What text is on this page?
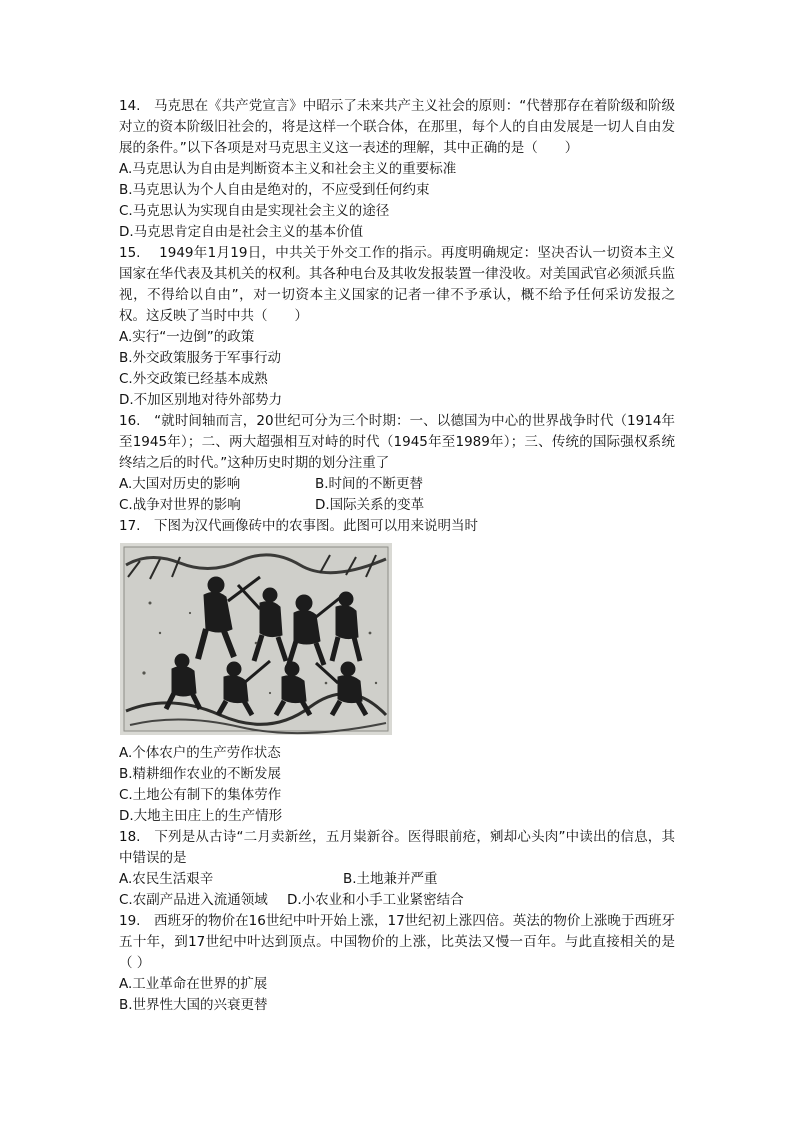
14.　马克思在《共产党宣言》中昭示了未来共产主义社会的原则：“代替那存在着阶级和阶级对立的资本阶级旧社会的，将是这样一个联合体，在那里，每个人的自由发展是一切人自由发展的条件。”以下各项是对马克思主义这一表述的理解，其中正确的是（　　）

A.马克思认为自由是判断资本主义和社会主义的重要标准

B.马克思认为个人自由是绝对的，不应受到任何约束

C.马克思认为实现自由是实现社会主义的途径

D.马克思肯定自由是社会主义的基本价值

15.　 1949年1月19日，中共关于外交工作的指示。再度明确规定：坚决否认一切资本主义国家在华代表及其机关的权利。其各种电台及其收发报装置一律没收。对美国武官必须派兵监视，不得给以自由”，对一切资本主义国家的记者一律不予承认，概不给予任何采访发报之权。这反映了当时中共（　　）

A.实行“一边倒”的政策

B.外交政策服务于军事行动

C.外交政策已经基本成熟

D.不加区别地对待外部势力

16.　“就时间轴而言，20世纪可分为三个时期：一、以德国为中心的世界战争时代（1914年至1945年）；二、两大超强相互对峙的时代（1945年至1989年）；三、传统的国际强权系统终结之后的时代。”这种历史时期的划分注重了

A.大国对历史的影响	B.时间的不断更替
C.战争对世界的影响	D.国际关系的变革

17.　下图为汉代画像砖中的农事图。此图可以用来说明当时

A.个体农户的生产劳作状态

B.精耕细作农业的不断发展

C.土地公有制下的集体劳作

D.大地主田庄上的生产情形

18.　下列是从古诗“二月卖新丝，五月粜新谷。医得眼前疮，剜却心头肉”中读出的信息，其中错误的是

A.农民生活艰辛	B.土地兼并严重
C.农副产品进入流通领域	D.小农业和小手工业紧密结合

19.　西班牙的物价在16世纪中叶开始上涨，17世纪初上涨四倍。英法的物价上涨晚于西班牙五十年，到17世纪中叶达到顶点。中国物价的上涨，比英法又慢一百年。与此直接相关的是（ ）

A.工业革命在世界的扩展

B.世界性大国的兴衰更替
